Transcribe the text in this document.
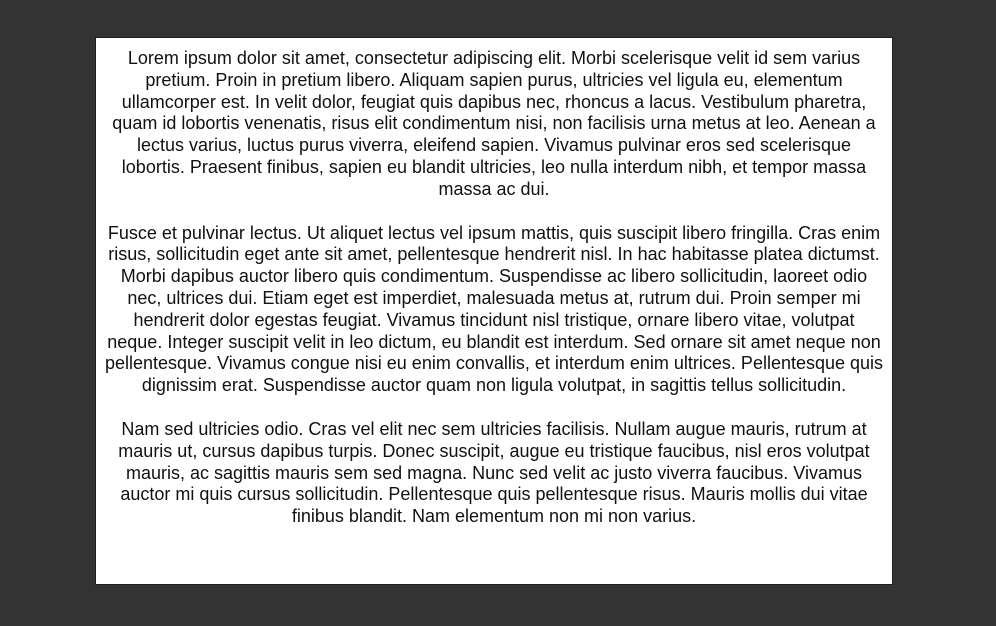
Lorem ipsum dolor sit amet, consectetur adipiscing elit. Morbi scelerisque velit id sem varius pretium. Proin in pretium libero. Aliquam sapien purus, ultricies vel ligula eu, elementum ullamcorper est. In velit dolor, feugiat quis dapibus nec, rhoncus a lacus. Vestibulum pharetra, quam id lobortis venenatis, risus elit condimentum nisi, non facilisis urna metus at leo. Aenean a lectus varius, luctus purus viverra, eleifend sapien. Vivamus pulvinar eros sed scelerisque lobortis. Praesent finibus, sapien eu blandit ultricies, leo nulla interdum nibh, et tempor massa massa ac dui.

Fusce et pulvinar lectus. Ut aliquet lectus vel ipsum mattis, quis suscipit libero fringilla. Cras enim risus, sollicitudin eget ante sit amet, pellentesque hendrerit nisl. In hac habitasse platea dictumst. Morbi dapibus auctor libero quis condimentum. Suspendisse ac libero sollicitudin, laoreet odio nec, ultrices dui. Etiam eget est imperdiet, malesuada metus at, rutrum dui. Proin semper mi hendrerit dolor egestas feugiat. Vivamus tincidunt nisl tristique, ornare libero vitae, volutpat neque. Integer suscipit velit in leo dictum, eu blandit est interdum. Sed ornare sit amet neque non pellentesque. Vivamus congue nisi eu enim convallis, et interdum enim ultrices. Pellentesque quis dignissim erat. Suspendisse auctor quam non ligula volutpat, in sagittis tellus sollicitudin.

Nam sed ultricies odio. Cras vel elit nec sem ultricies facilisis. Nullam augue mauris, rutrum at mauris ut, cursus dapibus turpis. Donec suscipit, augue eu tristique faucibus, nisl eros volutpat mauris, ac sagittis mauris sem sed magna. Nunc sed velit ac justo viverra faucibus. Vivamus auctor mi quis cursus sollicitudin. Pellentesque quis pellentesque risus. Mauris mollis dui vitae finibus blandit. Nam elementum non mi non varius.
